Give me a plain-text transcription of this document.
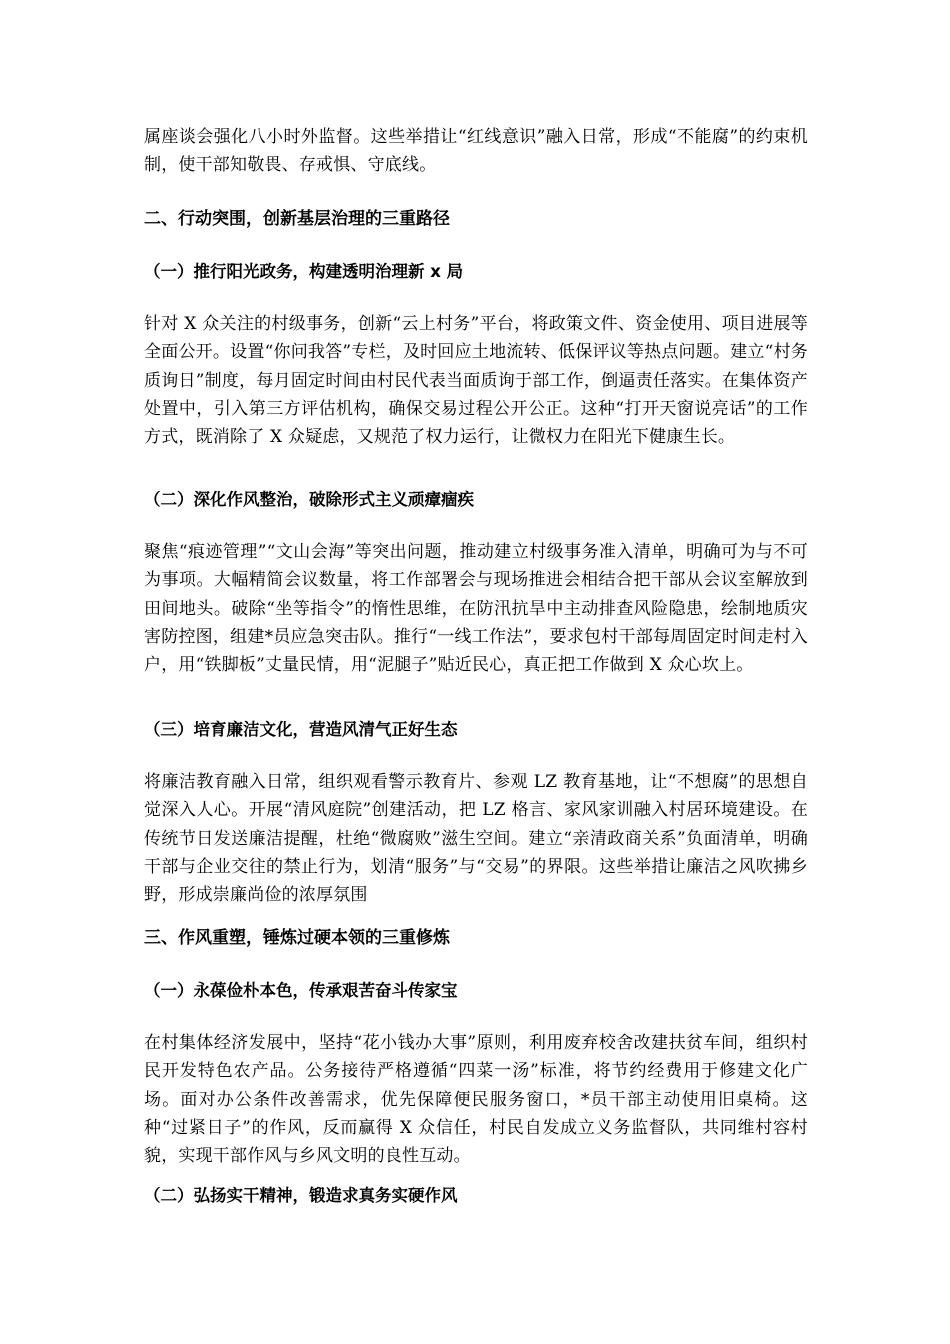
属座谈会强化八小时外监督。这些举措让“红线意识”融入日常，形成“不能腐”的约束机制，使干部知敬畏、存戒惧、守底线。
二、行动突围，创新基层治理的三重路径
（一）推行阳光政务，构建透明治理新 x 局
针对 X 众关注的村级事务，创新“云上村务”平台，将政策文件、资金使用、项目进展等全面公开。设置“你问我答”专栏，及时回应土地流转、低保评议等热点问题。建立“村务质询日”制度，每月固定时间由村民代表当面质询于部工作，倒逼责任落实。在集体资产处置中，引入第三方评估机构，确保交易过程公开公正。这种“打开天窗说亮话”的工作方式，既消除了 X 众疑虑，又规范了权力运行，让微权力在阳光下健康生长。
（二）深化作风整治，破除形式主义顽瘴痼疾
聚焦“痕迹管理”“文山会海”等突出问题，推动建立村级事务准入清单，明确可为与不可为事项。大幅精简会议数量，将工作部署会与现场推进会相结合把干部从会议室解放到田间地头。破除“坐等指令”的惰性思维，在防汛抗旱中主动排查风险隐患，绘制地质灾害防控图，组建*员应急突击队。推行“一线工作法”，要求包村干部每周固定时间走村入户，用“铁脚板”丈量民情，用“泥腿子”贴近民心，真正把工作做到 X 众心坎上。
（三）培育廉洁文化，营造风清气正好生态
将廉洁教育融入日常，组织观看警示教育片、参观 LZ 教育基地，让“不想腐”的思想自觉深入人心。开展“清风庭院”创建活动，把 LZ 格言、家风家训融入村居环境建设。在传统节日发送廉洁提醒，杜绝“微腐败”滋生空间。建立“亲清政商关系”负面清单，明确干部与企业交往的禁止行为，划清“服务”与“交易”的界限。这些举措让廉洁之风吹拂乡野，形成崇廉尚俭的浓厚氛围
三、作风重塑，锤炼过硬本领的三重修炼
（一）永葆俭朴本色，传承艰苦奋斗传家宝
在村集体经济发展中，坚持“花小钱办大事”原则，利用废弃校舍改建扶贫车间，组织村民开发特色农产品。公务接待严格遵循“四菜一汤”标准，将节约经费用于修建文化广场。面对办公条件改善需求，优先保障便民服务窗口，*员干部主动使用旧桌椅。这种“过紧日子”的作风，反而赢得 X 众信任，村民自发成立义务监督队，共同维村容村貌，实现干部作风与乡风文明的良性互动。
（二）弘扬实干精神，锻造求真务实硬作风
